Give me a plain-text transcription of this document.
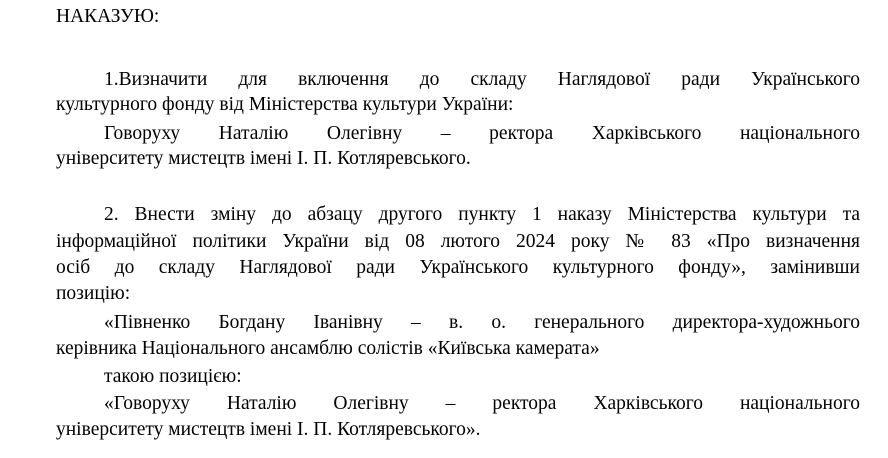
НАКАЗУЮ:
1.Визначити для включення до складу Наглядової ради Українського
культурного фонду від Міністерства культури України:
Говоруху Наталію Олегівну – ректора Харківського національного
університету мистецтв імені І. П. Котляревського.
2. Внести зміну до абзацу другого пункту 1 наказу Міністерства культури та
інформаційної політики України від 08 лютого 2024 року № 83 «Про визначення
осіб до складу Наглядової ради Українського культурного фонду», замінивши
позицію:
«Півненко Богдану Іванівну – в. о. генерального директора-художнього
керівника Національного ансамблю солістів «Київська камерата»
такою позицією:
«Говоруху Наталію Олегівну – ректора Харківського національного
університету мистецтв імені І. П. Котляревського».
